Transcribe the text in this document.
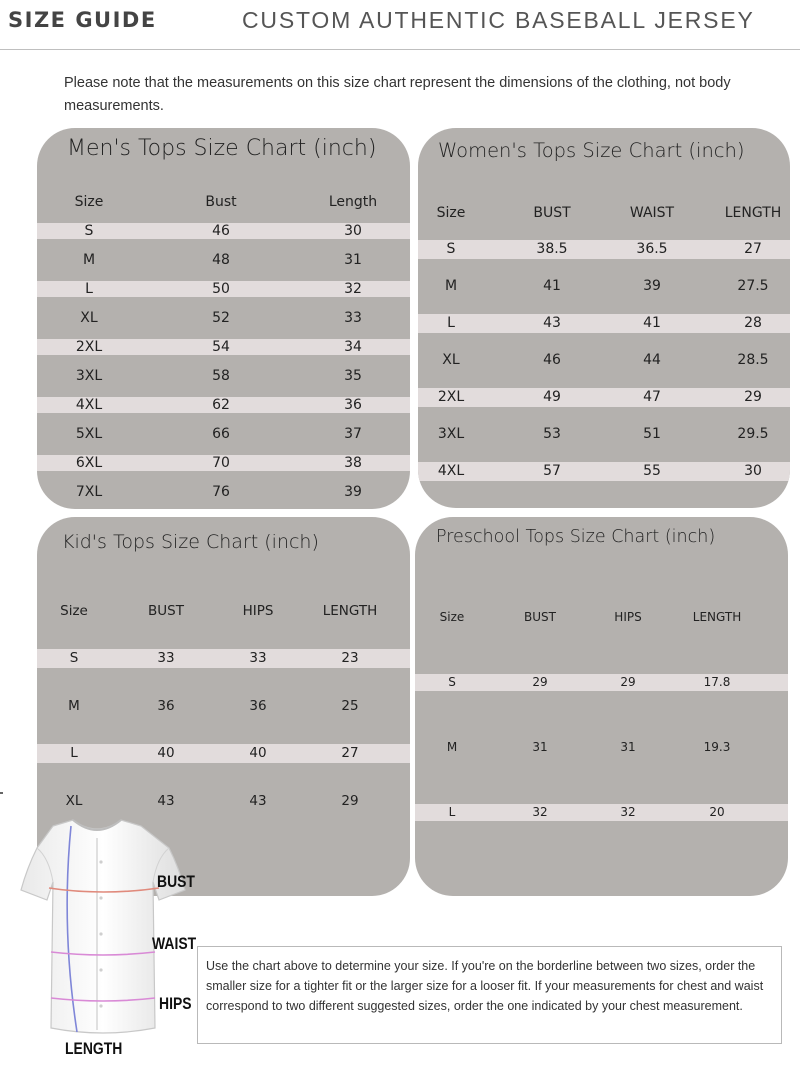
SIZE GUIDE	CUSTOM AUTHENTIC BASEBALL JERSEY
Please note that the measurements on this size chart represent the dimensions of the clothing, not body measurements.
Men's Tops Size Chart (inch)
Size	Bust	Length
S	46	30
M	48	31
L	50	32
XL	52	33
2XL	54	34
3XL	58	35
4XL	62	36
5XL	66	37
6XL	70	38
7XL	76	39
Women's Tops Size Chart (inch)
Size	BUST	WAIST	LENGTH
S	38.5	36.5	27
M	41	39	27.5
L	43	41	28
XL	46	44	28.5
2XL	49	47	29
3XL	53	51	29.5
4XL	57	55	30
Kid's Tops Size Chart (inch)
Size	BUST	HIPS	LENGTH
S	33	33	23
M	36	36	25
L	40	40	27
XL	43	43	29
Preschool Tops Size Chart (inch)
Size	BUST	HIPS	LENGTH
S	29	29	17.8
M	31	31	19.3
L	32	32	20
BUST
WAIST
HIPS
LENGTH
Use the chart above to determine your size. If you're on the borderline between two sizes, order the smaller size for a tighter fit or the larger size for a looser fit. If your measurements for chest and waist correspond to two different suggested sizes, order the one indicated by your chest measurement.
